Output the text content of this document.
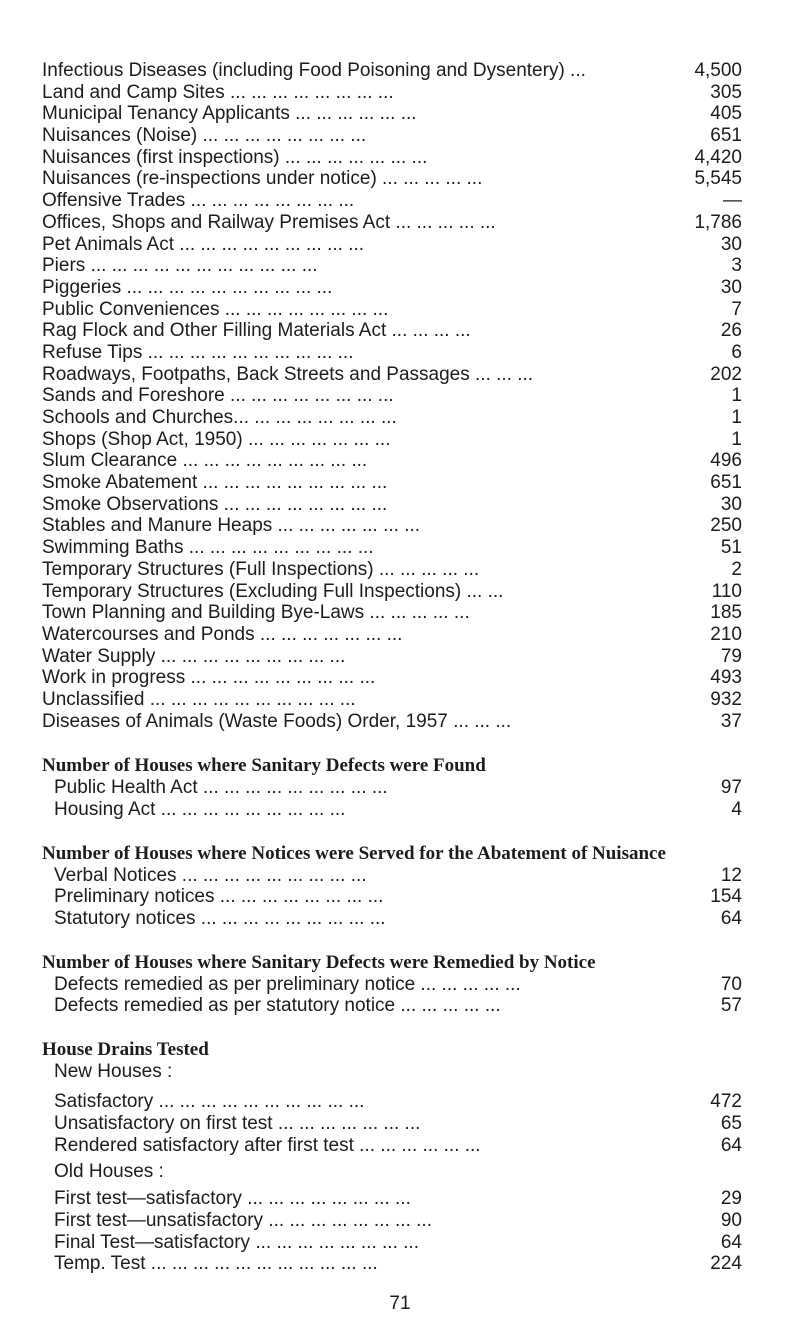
Infectious Diseases (including Food Poisoning and Dysentery) ...	4,500
Land and Camp Sites ... ... ... ... ... ... ... ...	305
Municipal Tenancy Applicants ... ... ... ... ... ...	405
Nuisances (Noise) ... ... ... ... ... ... ... ...	651
Nuisances (first inspections) ... ... ... ... ... ... ...	4,420
Nuisances (re-inspections under notice) ... ... ... ... ...	5,545
Offensive Trades ... ... ... ... ... ... ... ...	—
Offices, Shops and Railway Premises Act ... ... ... ... ...	1,786
Pet Animals Act ... ... ... ... ... ... ... ... ...	30
Piers ... ... ... ... ... ... ... ... ... ... ...	3
Piggeries ... ... ... ... ... ... ... ... ... ...	30
Public Conveniences ... ... ... ... ... ... ... ...	7
Rag Flock and Other Filling Materials Act ... ... ... ...	26
Refuse Tips ... ... ... ... ... ... ... ... ... ...	6
Roadways, Footpaths, Back Streets and Passages ... ... ...	202
Sands and Foreshore ... ... ... ... ... ... ... ...	1
Schools and Churches... ... ... ... ... ... ... ...	1
Shops (Shop Act, 1950) ... ... ... ... ... ... ...	1
Slum Clearance ... ... ... ... ... ... ... ... ...	496
Smoke Abatement ... ... ... ... ... ... ... ... ...	651
Smoke Observations ... ... ... ... ... ... ... ...	30
Stables and Manure Heaps ... ... ... ... ... ... ...	250
Swimming Baths ... ... ... ... ... ... ... ... ...	51
Temporary Structures (Full Inspections) ... ... ... ... ...	2
Temporary Structures (Excluding Full Inspections) ... ...	110
Town Planning and Building Bye-Laws ... ... ... ... ...	185
Watercourses and Ponds ... ... ... ... ... ... ...	210
Water Supply ... ... ... ... ... ... ... ... ...	79
Work in progress ... ... ... ... ... ... ... ... ...	493
Unclassified ... ... ... ... ... ... ... ... ... ...	932
Diseases of Animals (Waste Foods) Order, 1957 ... ... ...	37
Number of Houses where Sanitary Defects were Found
Public Health Act ... ... ... ... ... ... ... ... ...	97
Housing Act ... ... ... ... ... ... ... ... ...	4
Number of Houses where Notices were Served for the Abatement of Nuisance
Verbal Notices ... ... ... ... ... ... ... ... ...	12
Preliminary notices ... ... ... ... ... ... ... ...	154
Statutory notices ... ... ... ... ... ... ... ... ...	64
Number of Houses where Sanitary Defects were Remedied by Notice
Defects remedied as per preliminary notice ... ... ... ... ...	70
Defects remedied as per statutory notice ... ... ... ... ...	57
House Drains Tested
New Houses :
Satisfactory ... ... ... ... ... ... ... ... ... ...	472
Unsatisfactory on first test ... ... ... ... ... ... ...	65
Rendered satisfactory after first test ... ... ... ... ... ...	64
Old Houses :
First test—satisfactory ... ... ... ... ... ... ... ...	29
First test—unsatisfactory ... ... ... ... ... ... ... ...	90
Final Test—satisfactory ... ... ... ... ... ... ... ...	64
Temp. Test ... ... ... ... ... ... ... ... ... ... ...	224
71
